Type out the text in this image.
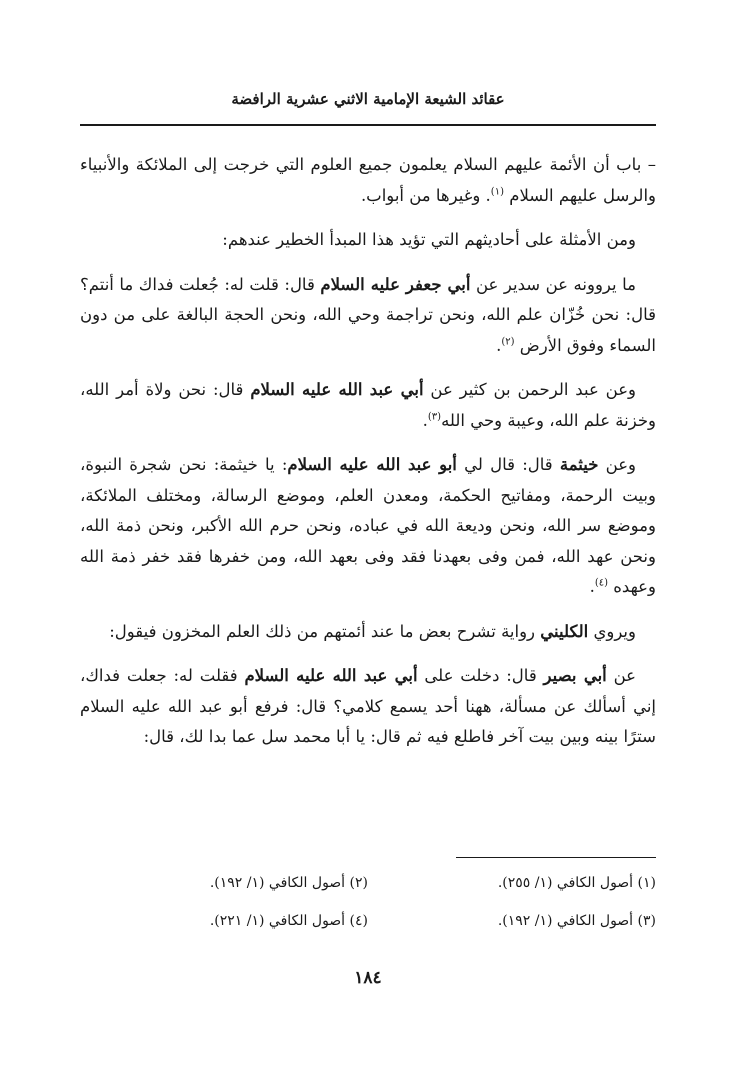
عقائد الشيعة الإمامية الاثني عشرية الرافضة

– باب أن الأئمة عليهم السلام يعلمون جميع العلوم التي خرجت إلى الملائكة والأنبياء والرسل عليهم السلام $^{(١)}$. وغيرها من أبواب.

ومن الأمثلة على أحاديثهم التي تؤيد هذا المبدأ الخطير عندهم:

ما يروونه عن سدير عن أبي جعفر عليه السلام قال: قلت له: جُعلت فداك ما أنتم؟ قال: نحن خُزّان علم الله، ونحن تراجمة وحي الله، ونحن الحجة البالغة على من دون السماء وفوق الأرض $^{(٢)}$.

وعن عبد الرحمن بن كثير عن أبي عبد الله عليه السلام قال: نحن ولاة أمر الله، وخزنة علم الله، وعيبة وحي الله$^{(٣)}$.

وعن خيثمة قال: قال لي أبو عبد الله عليه السلام: يا خيثمة: نحن شجرة النبوة، وبيت الرحمة، ومفاتيح الحكمة، ومعدن العلم، وموضع الرسالة، ومختلف الملائكة، وموضع سر الله، ونحن وديعة الله في عباده، ونحن حرم الله الأكبر، ونحن ذمة الله، ونحن عهد الله، فمن وفى بعهدنا فقد وفى بعهد الله، ومن خفرها فقد خفر ذمة الله وعهده $^{(٤)}$.

ويروي الكليني رواية تشرح بعض ما عند أئمتهم من ذلك العلم المخزون فيقول:

عن أبي بصير قال: دخلت على أبي عبد الله عليه السلام فقلت له: جعلت فداك، إني أسألك عن مسألة، ههنا أحد يسمع كلامي؟ قال: فرفع أبو عبد الله عليه السلام سترًا بينه وبين بيت آخر فاطلع فيه ثم قال: يا أبا محمد سل عما بدا لك، قال:

(١) أصول الكافي (١/ ٢٥٥).
(٢) أصول الكافي (١/ ١٩٢).
(٣) أصول الكافي (١/ ١٩٢).
(٤) أصول الكافي (١/ ٢٢١).
١٨٤
